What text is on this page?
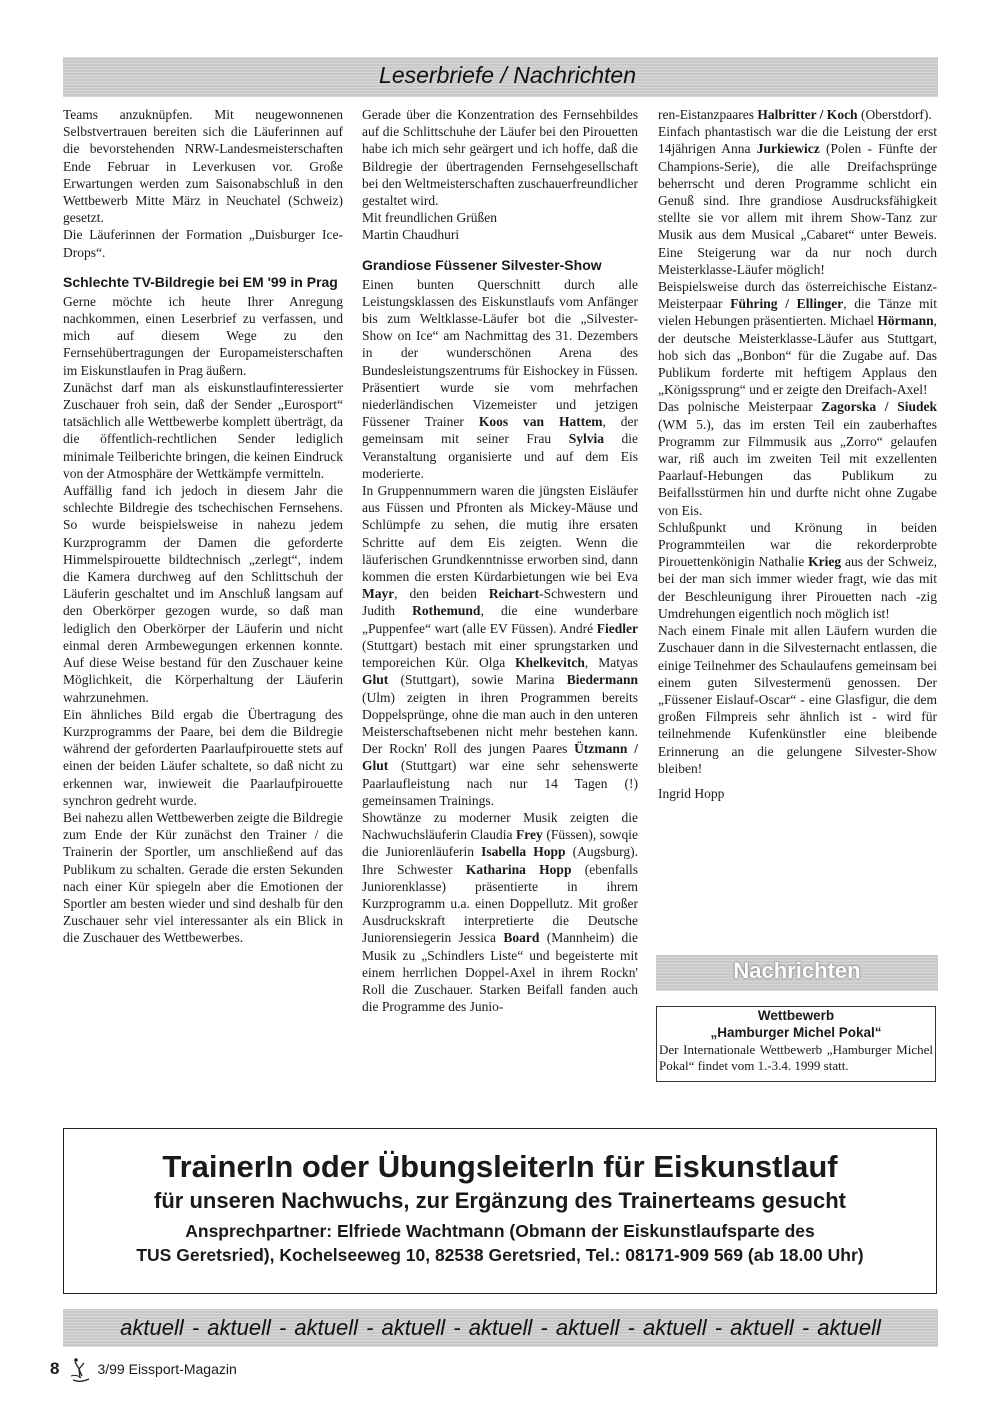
Leserbriefe / Nachrichten

Teams anzuknüpfen. Mit neugewonnenen Selbstvertrauen bereiten sich die Läuferinnen auf die bevorstehenden NRW-Landesmeisterschaften Ende Februar in Leverkusen vor. Große Erwartungen werden zum Saisonabschluß in den Wettbewerb Mitte März in Neuchatel (Schweiz) gesetzt.

Die Läuferinnen der Formation „Duisburger Ice-Drops“.

Schlechte TV-Bildregie bei EM '99 in Prag

Gerne möchte ich heute Ihrer Anregung nachkommen, einen Leserbrief zu verfassen, und mich auf diesem Wege zu den Fernsehübertragungen der Europameisterschaften im Eiskunstlaufen in Prag äußern.

Zunächst darf man als eiskunstlaufinteressierter Zuschauer froh sein, daß der Sender „Eurosport“ tatsächlich alle Wettbewerbe komplett überträgt, da die öffentlich-rechtlichen Sender lediglich minimale Teilberichte bringen, die keinen Eindruck von der Atmosphäre der Wettkämpfe vermitteln.

Auffällig fand ich jedoch in diesem Jahr die schlechte Bildregie des tschechischen Fernsehens. So wurde beispielsweise in nahezu jedem Kurzprogramm der Damen die geforderte Himmelspirouette bildtechnisch „zerlegt“, indem die Kamera durchweg auf den Schlittschuh der Läuferin geschaltet und im Anschluß langsam auf den Oberkörper gezogen wurde, so daß man lediglich den Oberkörper der Läuferin und nicht einmal deren Armbewegungen erkennen konnte. Auf diese Weise bestand für den Zuschauer keine Möglichkeit, die Körperhaltung der Läuferin wahrzunehmen.

Ein ähnliches Bild ergab die Übertragung des Kurzprogramms der Paare, bei dem die Bildregie während der geforderten Paarlaufpirouette stets auf einen der beiden Läufer schaltete, so daß nicht zu erkennen war, inwieweit die Paarlaufpirouette synchron gedreht wurde.

Bei nahezu allen Wettbewerben zeigte die Bildregie zum Ende der Kür zunächst den Trainer / die Trainerin der Sportler, um anschließend auf das Publikum zu schalten. Gerade die ersten Sekunden nach einer Kür spiegeln aber die Emotionen der Sportler am besten wieder und sind deshalb für den Zuschauer sehr viel interessanter als ein Blick in die Zuschauer des Wettbewerbes.

Gerade über die Konzentration des Fernsehbildes auf die Schlittschuhe der Läufer bei den Pirouetten habe ich mich sehr geärgert und ich hoffe, daß die Bildregie der übertragenden Fernsehgesellschaft bei den Weltmeisterschaften zuschauerfreundlicher gestaltet wird.

Mit freundlichen Grüßen

Martin Chaudhuri

Grandiose Füssener Silvester-Show

Einen bunten Querschnitt durch alle Leistungsklassen des Eiskunstlaufs vom Anfänger bis zum Weltklasse-Läufer bot die „Silvester-Show on Ice“ am Nachmittag des 31. Dezembers in der wunderschönen Arena des Bundesleistungszentrums für Eishockey in Füssen. Präsentiert wurde sie vom mehrfachen niederländischen Vizemeister und jetzigen Füssener Trainer Koos van Hattem, der gemeinsam mit seiner Frau Sylvia die Veranstaltung organisierte und auf dem Eis moderierte.

In Gruppennummern waren die jüngsten Eisläufer aus Füssen und Pfronten als Mickey-Mäuse und Schlümpfe zu sehen, die mutig ihre ersaten Schritte auf dem Eis zeigten. Wenn die läuferischen Grundkenntnisse erworben sind, dann kommen die ersten Kürdarbietungen wie bei Eva Mayr, den beiden Reichart-Schwestern und Judith Rothemund, die eine wunderbare „Puppenfee“ wart (alle EV Füssen). André Fiedler (Stuttgart) bestach mit einer sprungstarken und temporeichen Kür. Olga Khelkevitch, Matyas Glut (Stuttgart), sowie Marina Biedermann (Ulm) zeigten in ihren Programmen bereits Doppelsprünge, ohne die man auch in den unteren Meisterschaftsebenen nicht mehr bestehen kann. Der Rockn' Roll des jungen Paares Ützmann / Glut (Stuttgart) war eine sehr sehenswerte Paarlaufleistung nach nur 14 Tagen (!) gemeinsamen Trainings.

Showtänze zu moderner Musik zeigten die Nachwuchsläuferin Claudia Frey (Füssen), sowqie die Juniorenläuferin Isabella Hopp (Augsburg). Ihre Schwester Katharina Hopp (ebenfalls Juniorenklasse) präsentierte in ihrem Kurzprogramm u.a. einen Doppellutz. Mit großer Ausdruckskraft interpretierte die Deutsche Juniorensiegerin Jessica Board (Mannheim) die Musik zu „Schindlers Liste“ und begeisterte mit einem herrlichen Doppel-Axel in ihrem Rockn' Roll die Zuschauer. Starken Beifall fanden auch die Programme des Junio-

ren-Eistanzpaares Halbritter / Koch (Oberstdorf).

Einfach phantastisch war die die Leistung der erst 14jährigen Anna Jurkiewicz (Polen - Fünfte der Champions-Serie), die alle Dreifachsprünge beherrscht und deren Programme schlicht ein Genuß sind. Ihre grandiose Ausdrucksfähigkeit stellte sie vor allem mit ihrem Show-Tanz zur Musik aus dem Musical „Cabaret“ unter Beweis. Eine Steigerung war da nur noch durch Meisterklasse-Läufer möglich!

Beispielsweise durch das österreichische Eistanz-Meisterpaar Führing / Ellinger, die Tänze mit vielen Hebungen präsentierten. Michael Hörmann, der deutsche Meisterklasse-Läufer aus Stuttgart, hob sich das „Bonbon“ für die Zugabe auf. Das Publikum forderte mit heftigem Applaus den „Königssprung“ und er zeigte den Dreifach-Axel!

Das polnische Meisterpaar Zagorska / Siudek (WM 5.), das im ersten Teil ein zauberhaftes Programm zur Filmmusik aus „Zorro“ gelaufen war, riß auch im zweiten Teil mit exzellenten Paarlauf-Hebungen das Publikum zu Beifallsstürmen hin und durfte nicht ohne Zugabe von Eis.

Schlußpunkt und Krönung in beiden Programmteilen war die rekorderprobte Pirouettenkönigin Nathalie Krieg aus der Schweiz, bei der man sich immer wieder fragt, wie das mit der Beschleunigung ihrer Pirouetten nach -zig Umdrehungen eigentlich noch möglich ist!

Nach einem Finale mit allen Läufern wurden die Zuschauer dann in die Silvesternacht entlassen, die einige Teilnehmer des Schaulaufens gemeinsam bei einem guten Silvestermenü genossen. Der „Füssener Eislauf-Oscar“ - eine Glasfigur, die dem großen Filmpreis sehr ähnlich ist - wird für teilnehmende Kufenkünstler eine bleibende Erinnerung an die gelungene Silvester-Show bleiben!

Ingrid Hopp

Nachrichten
Wettbewerb
„Hamburger Michel Pokal“
Der Internationale Wettbewerb „Hamburger Michel Pokal“ findet vom 1.-3.4. 1999 statt.
TrainerIn oder ÜbungsleiterIn für Eiskunstlauf
für unseren Nachwuchs, zur Ergänzung des Trainerteams gesucht
Ansprechpartner: Elfriede Wachtmann (Obmann der Eiskunstlaufsparte des
TUS Geretsried), Kochelseeweg 10, 82538 Geretsried, Tel.: 08171-909 569 (ab 18.00 Uhr)
aktuell - aktuell - aktuell - aktuell - aktuell - aktuell - aktuell - aktuell - aktuell
8	3/99 Eissport-Magazin
